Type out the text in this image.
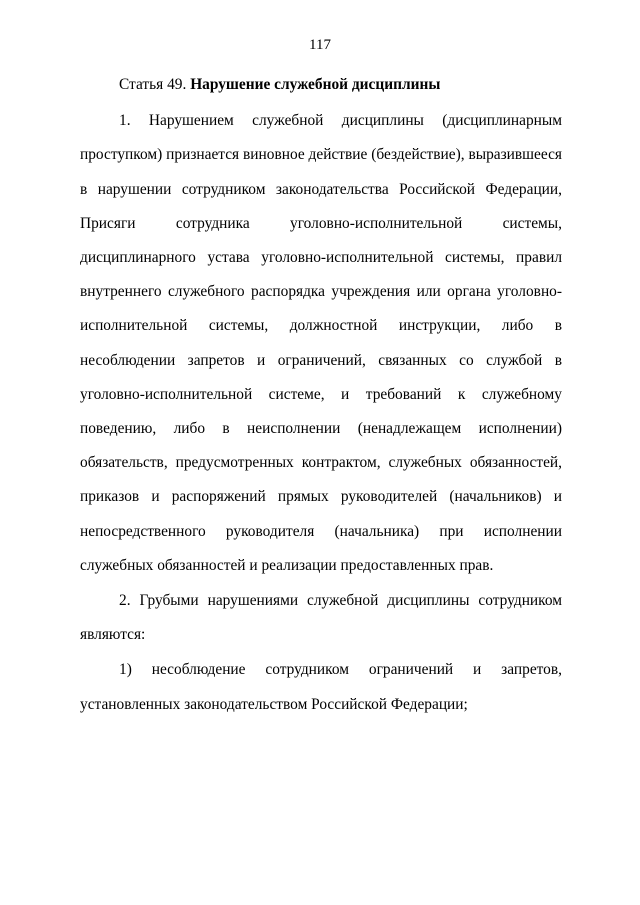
117

Статья 49. Нарушение служебной дисциплины

1. Нарушением служебной дисциплины (дисциплинарным проступком) признается виновное действие (бездействие), выразившееся в нарушении сотрудником законодательства Российской Федерации, Присяги сотрудника уголовно-исполнительной системы, дисциплинарного устава уголовно-исполнительной системы, правил внутреннего служебного распорядка учреждения или органа уголовно-исполнительной системы, должностной инструкции, либо в несоблюдении запретов и ограничений, связанных со службой в уголовно-исполнительной системе, и требований к служебному поведению, либо в неисполнении (ненадлежащем исполнении) обязательств, предусмотренных контрактом, служебных обязанностей, приказов и распоряжений прямых руководителей (начальников) и непосредственного руководителя (начальника) при исполнении служебных обязанностей и реализации предоставленных прав.

2. Грубыми нарушениями служебной дисциплины сотрудником являются:

1) несоблюдение сотрудником ограничений и запретов, установленных законодательством Российской Федерации;
